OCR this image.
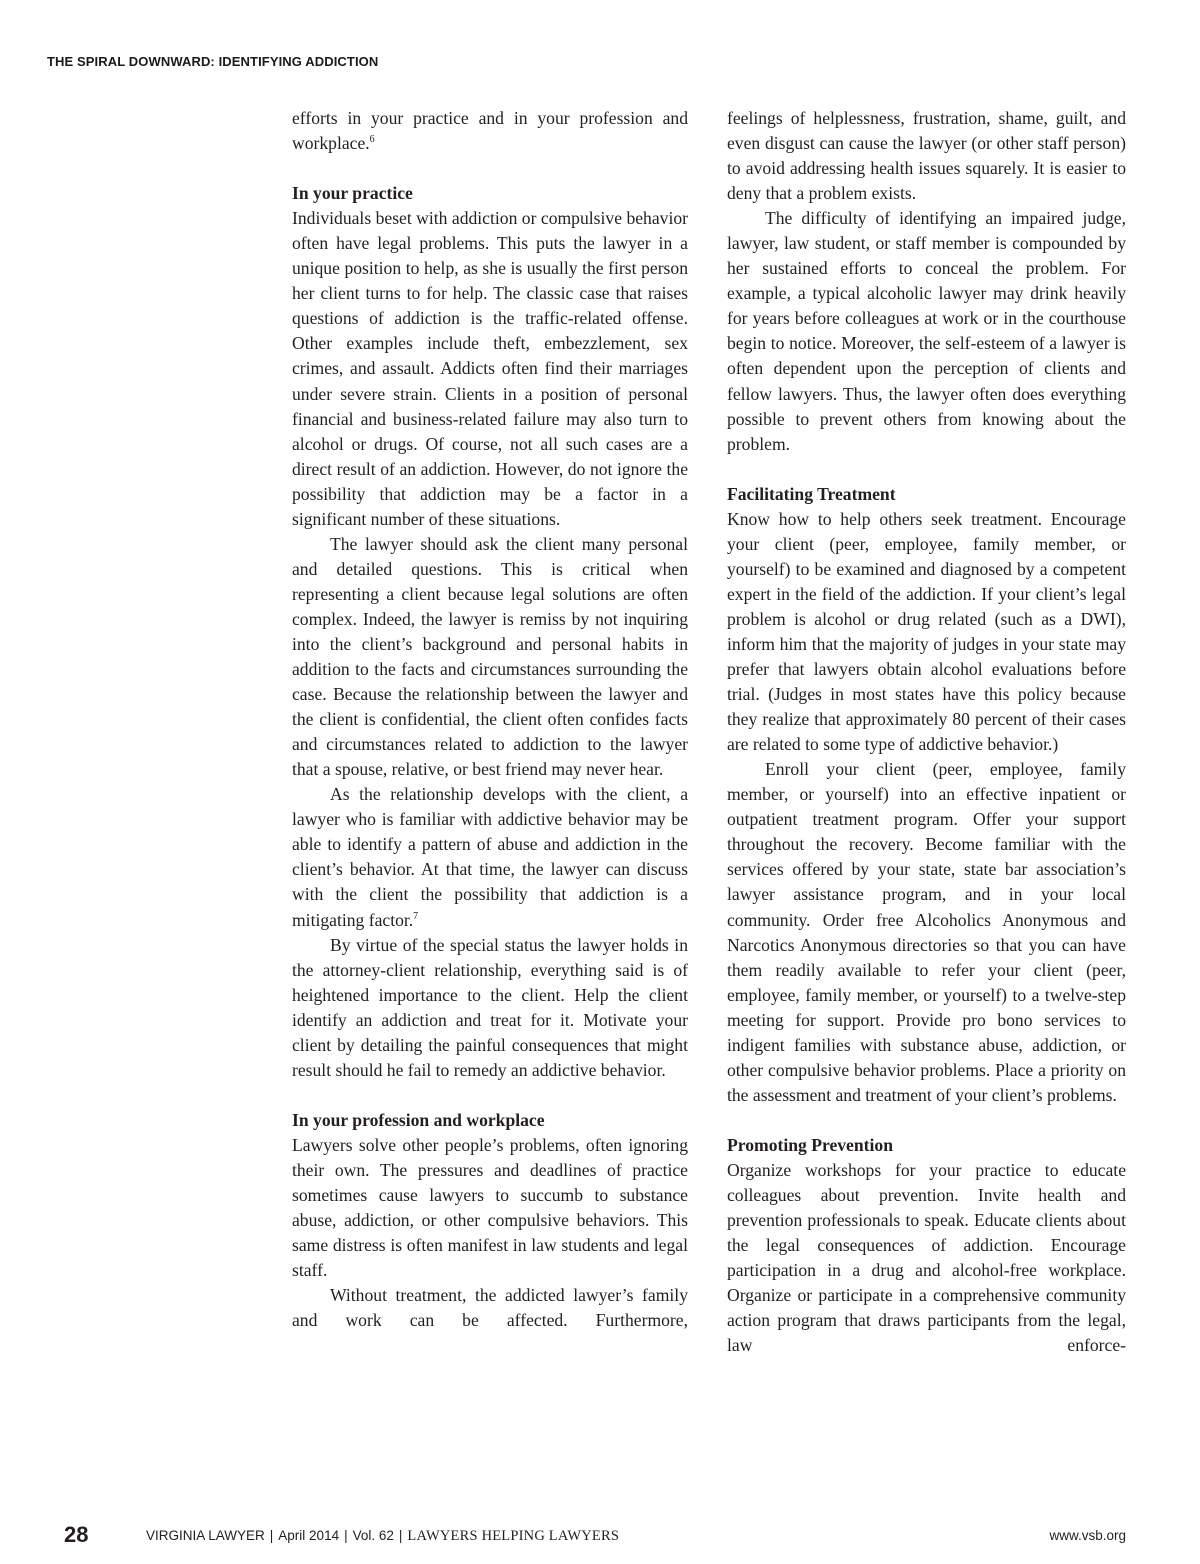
THE SPIRAL DOWNWARD: IDENTIFYING ADDICTION

efforts in your practice and in your profession and workplace.$^6$

In your practice

Individuals beset with addiction or compulsive behavior often have legal problems. This puts the lawyer in a unique position to help, as she is usually the first person her client turns to for help. The classic case that raises questions of addiction is the traffic-related offense. Other examples include theft, embezzlement, sex crimes, and assault. Addicts often find their marriages under severe strain. Clients in a position of personal financial and business-related failure may also turn to alcohol or drugs. Of course, not all such cases are a direct result of an addiction. However, do not ignore the possibility that addiction may be a factor in a significant number of these situations.

The lawyer should ask the client many personal and detailed questions. This is critical when representing a client because legal solutions are often complex. Indeed, the lawyer is remiss by not inquiring into the client’s background and personal habits in addition to the facts and circumstances surrounding the case. Because the relationship between the lawyer and the client is confidential, the client often confides facts and circumstances related to addiction to the lawyer that a spouse, relative, or best friend may never hear.

As the relationship develops with the client, a lawyer who is familiar with addictive behavior may be able to identify a pattern of abuse and addiction in the client’s behavior. At that time, the lawyer can discuss with the client the possibility that addiction is a mitigating factor.$^7$

By virtue of the special status the lawyer holds in the attorney-client relationship, everything said is of heightened importance to the client. Help the client identify an addiction and treat for it. Motivate your client by detailing the painful consequences that might result should he fail to remedy an addictive behavior.

In your profession and workplace

Lawyers solve other people’s problems, often ignoring their own. The pressures and deadlines of practice sometimes cause lawyers to succumb to substance abuse, addiction, or other compulsive behaviors. This same distress is often manifest in law students and legal staff.

Without treatment, the addicted lawyer’s family and work can be affected. Furthermore,

feelings of helplessness, frustration, shame, guilt, and even disgust can cause the lawyer (or other staff person) to avoid addressing health issues squarely. It is easier to deny that a problem exists.

The difficulty of identifying an impaired judge, lawyer, law student, or staff member is compounded by her sustained efforts to conceal the problem. For example, a typical alcoholic lawyer may drink heavily for years before colleagues at work or in the courthouse begin to notice. Moreover, the self-esteem of a lawyer is often dependent upon the perception of clients and fellow lawyers. Thus, the lawyer often does everything possible to prevent others from knowing about the problem.

Facilitating Treatment

Know how to help others seek treatment. Encourage your client (peer, employee, family member, or yourself) to be examined and diagnosed by a competent expert in the field of the addiction. If your client’s legal problem is alcohol or drug related (such as a DWI), inform him that the majority of judges in your state may prefer that lawyers obtain alcohol evaluations before trial. (Judges in most states have this policy because they realize that approximately 80 percent of their cases are related to some type of addictive behavior.)

Enroll your client (peer, employee, family member, or yourself) into an effective inpatient or outpatient treatment program. Offer your support throughout the recovery. Become familiar with the services offered by your state, state bar association’s lawyer assistance program, and in your local community. Order free Alcoholics Anonymous and Narcotics Anonymous directories so that you can have them readily available to refer your client (peer, employee, family member, or yourself) to a twelve-step meeting for support. Provide pro bono services to indigent families with substance abuse, addiction, or other compulsive behavior problems. Place a priority on the assessment and treatment of your client’s problems.

Promoting Prevention

Organize workshops for your practice to educate colleagues about prevention. Invite health and prevention professionals to speak. Educate clients about the legal consequences of addiction. Encourage participation in a drug and alcohol-free workplace. Organize or participate in a comprehensive community action program that draws participants from the legal, law enforce-

28	VIRGINIA LAWYER | April 2014 | Vol. 62 | LAWYERS HELPING LAWYERS	www.vsb.org
